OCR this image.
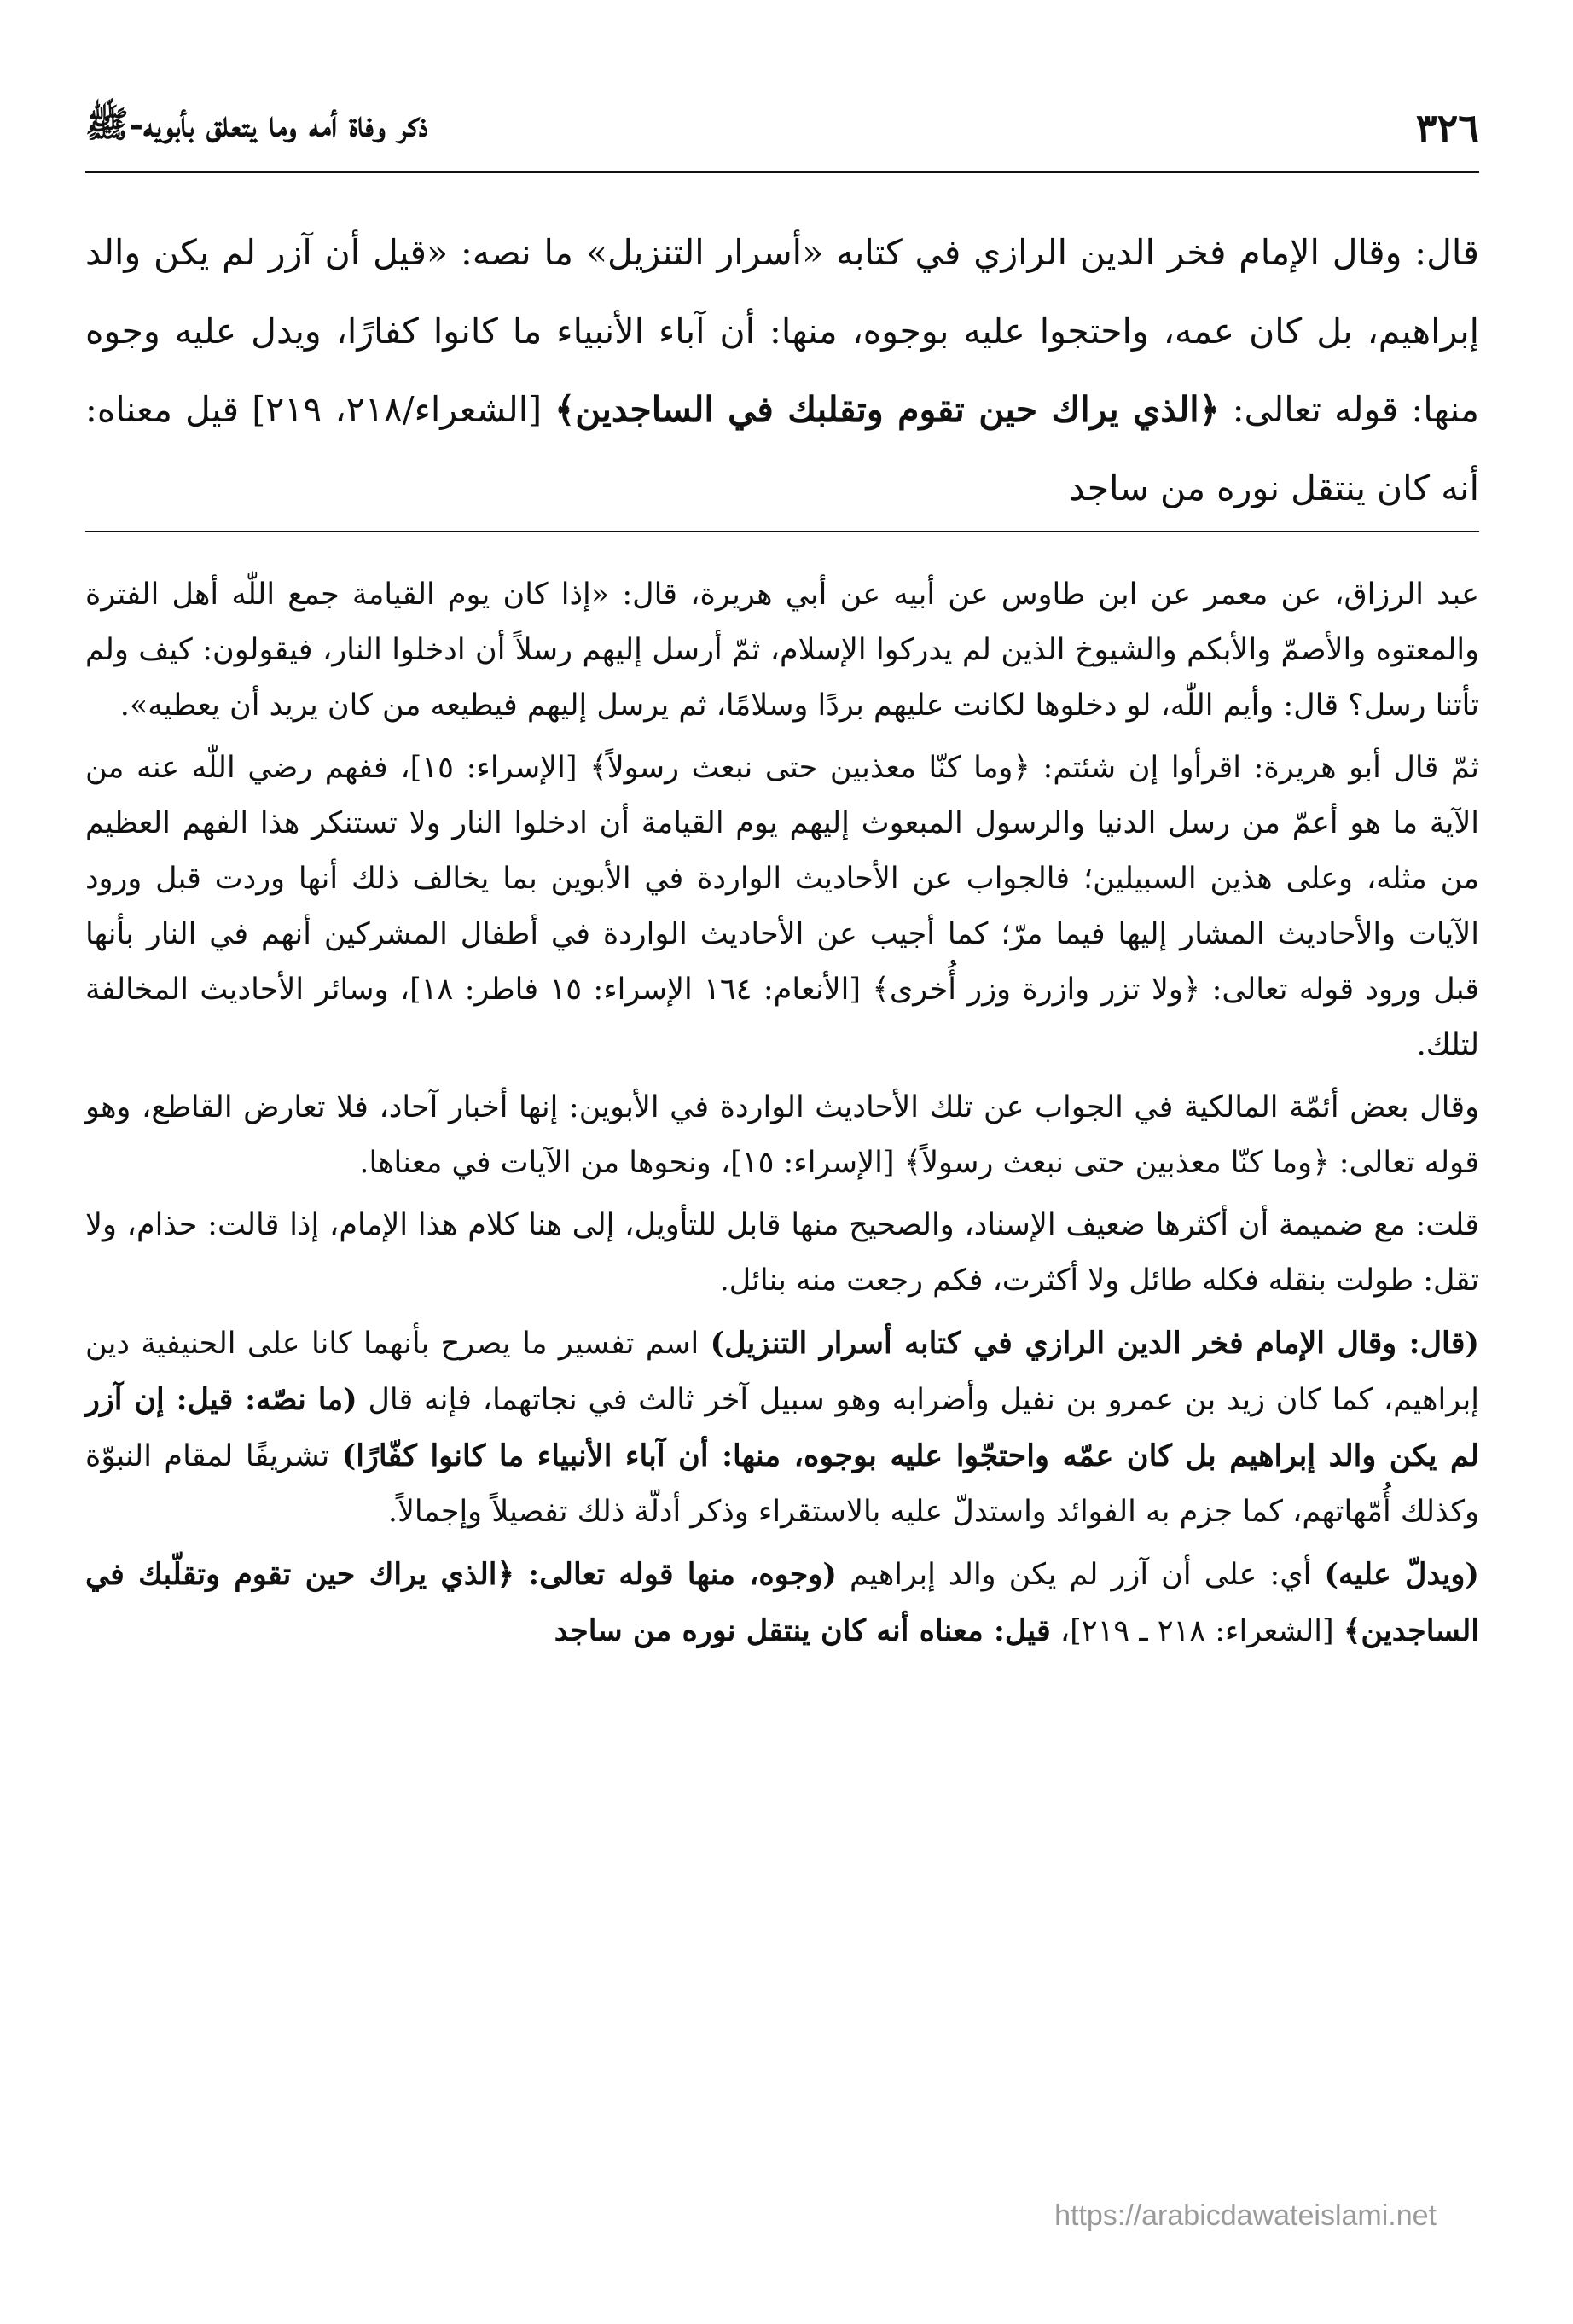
٣٢٦
ذكر وفاة أمه وما يتعلق بأبويه-ﷺ

قال: وقال الإمام فخر الدين الرازي في كتابه «أسرار التنزيل» ما نصه: «قيل أن آزر لم يكن والد إبراهيم، بل كان عمه، واحتجوا عليه بوجوه، منها: أن آباء الأنبياء ما كانوا كفارًا، ويدل عليه وجوه منها: قوله تعالى: ﴿الذي يراك حين تقوم وتقلبك في الساجدين﴾ [الشعراء/٢١٨، ٢١٩] قيل معناه: أنه كان ينتقل نوره من ساجد

عبد الرزاق، عن معمر عن ابن طاوس عن أبيه عن أبي هريرة، قال: «إذا كان يوم القيامة جمع اللّٰه أهل الفترة والمعتوه والأصمّ والأبكم والشيوخ الذين لم يدركوا الإسلام، ثمّ أرسل إليهم رسلاً أن ادخلوا النار، فيقولون: كيف ولم تأتنا رسل؟ قال: وأيم اللّٰه، لو دخلوها لكانت عليهم بردًا وسلامًا، ثم يرسل إليهم فيطيعه من كان يريد أن يعطيه».

ثمّ قال أبو هريرة: اقرأوا إن شئتم: ﴿وما كنّا معذبين حتى نبعث رسولاً﴾ [الإسراء: ١٥]، ففهم رضي اللّٰه عنه من الآية ما هو أعمّ من رسل الدنيا والرسول المبعوث إليهم يوم القيامة أن ادخلوا النار ولا تستنكر هذا الفهم العظيم من مثله، وعلى هذين السبيلين؛ فالجواب عن الأحاديث الواردة في الأبوين بما يخالف ذلك أنها وردت قبل ورود الآيات والأحاديث المشار إليها فيما مرّ؛ كما أجيب عن الأحاديث الواردة في أطفال المشركين أنهم في النار بأنها قبل ورود قوله تعالى: ﴿ولا تزر وازرة وزر أُخرى﴾ [الأنعام: ١٦٤ الإسراء: ١٥ فاطر: ١٨]، وسائر الأحاديث المخالفة لتلك.

وقال بعض أئمّة المالكية في الجواب عن تلك الأحاديث الواردة في الأبوين: إنها أخبار آحاد، فلا تعارض القاطع، وهو قوله تعالى: ﴿وما كنّا معذبين حتى نبعث رسولاً﴾ [الإسراء: ١٥]، ونحوها من الآيات في معناها.

قلت: مع ضميمة أن أكثرها ضعيف الإسناد، والصحيح منها قابل للتأويل، إلى هنا كلام هذا الإمام، إذا قالت: حذام، ولا تقل: طولت بنقله فكله طائل ولا أكثرت، فكم رجعت منه بنائل.

(قال: وقال الإمام فخر الدين الرازي في كتابه أسرار التنزيل) اسم تفسير ما يصرح بأنهما كانا على الحنيفية دين إبراهيم، كما كان زيد بن عمرو بن نفيل وأضرابه وهو سبيل آخر ثالث في نجاتهما، فإنه قال (ما نصّه: قيل: إن آزر لم يكن والد إبراهيم بل كان عمّه واحتجّوا عليه بوجوه، منها: أن آباء الأنبياء ما كانوا كفّارًا) تشريفًا لمقام النبوّة وكذلك أُمّهاتهم، كما جزم به الفوائد واستدلّ عليه بالاستقراء وذكر أدلّة ذلك تفصيلاً وإجمالاً.

(ويدلّ عليه) أي: على أن آزر لم يكن والد إبراهيم (وجوه، منها قوله تعالى: ﴿الذي يراك حين تقوم وتقلّبك في الساجدين﴾ [الشعراء: ٢١٨ ـ ٢١٩]، قيل: معناه أنه كان ينتقل نوره من ساجد

https://arabicdawateislami.net
